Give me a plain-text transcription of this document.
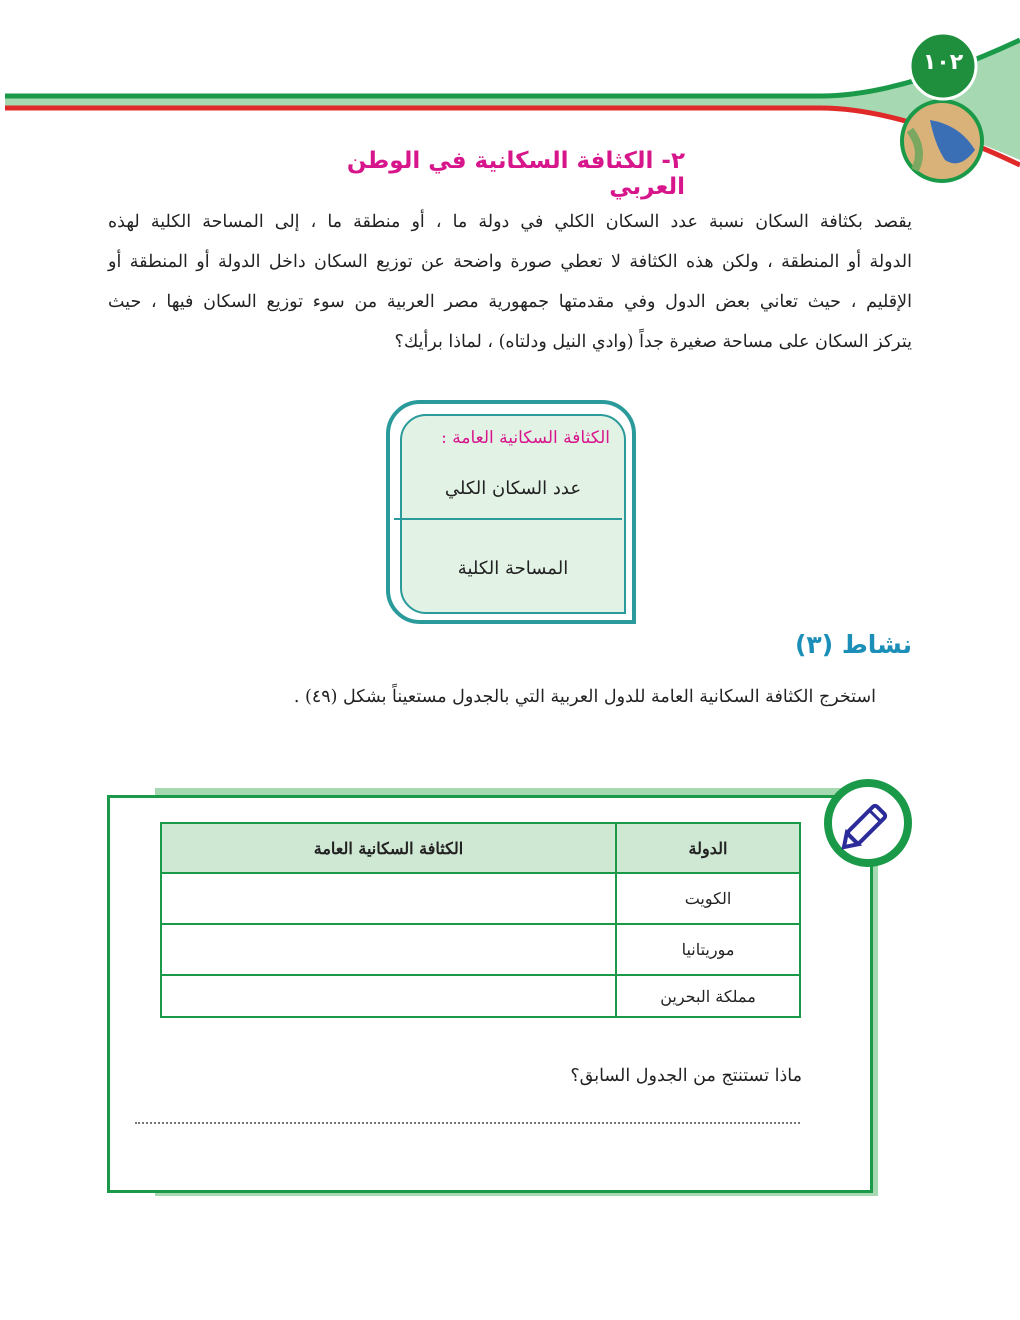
١٠٢
٢- الكثافة السكانية في الوطن العربي
يقصد بكثافة السكان نسبة عدد السكان الكلي في دولة ما ، أو منطقة ما ، إلى المساحة الكلية لهذه
الدولة أو المنطقة ، ولكن هذه الكثافة لا تعطي صورة واضحة عن توزيع السكان داخل الدولة أو المنطقة أو
الإقليم ، حيث تعاني بعض الدول وفي مقدمتها جمهورية مصر العربية من سوء توزيع السكان فيها ، حيث
يتركز السكان على مساحة صغيرة جداً (وادي النيل ودلتاه) ، لماذا برأيك؟
الكثافة السكانية العامة :
عدد السكان الكلي
المساحة الكلية
نشاط (٣)
استخرج الكثافة السكانية العامة للدول العربية التي بالجدول مستعيناً بشكل (٤٩) .
الدولة	الكثافة السكانية العامة
الكويت	
موريتانيا	
مملكة البحرين	
ماذا تستنتج من الجدول السابق؟
